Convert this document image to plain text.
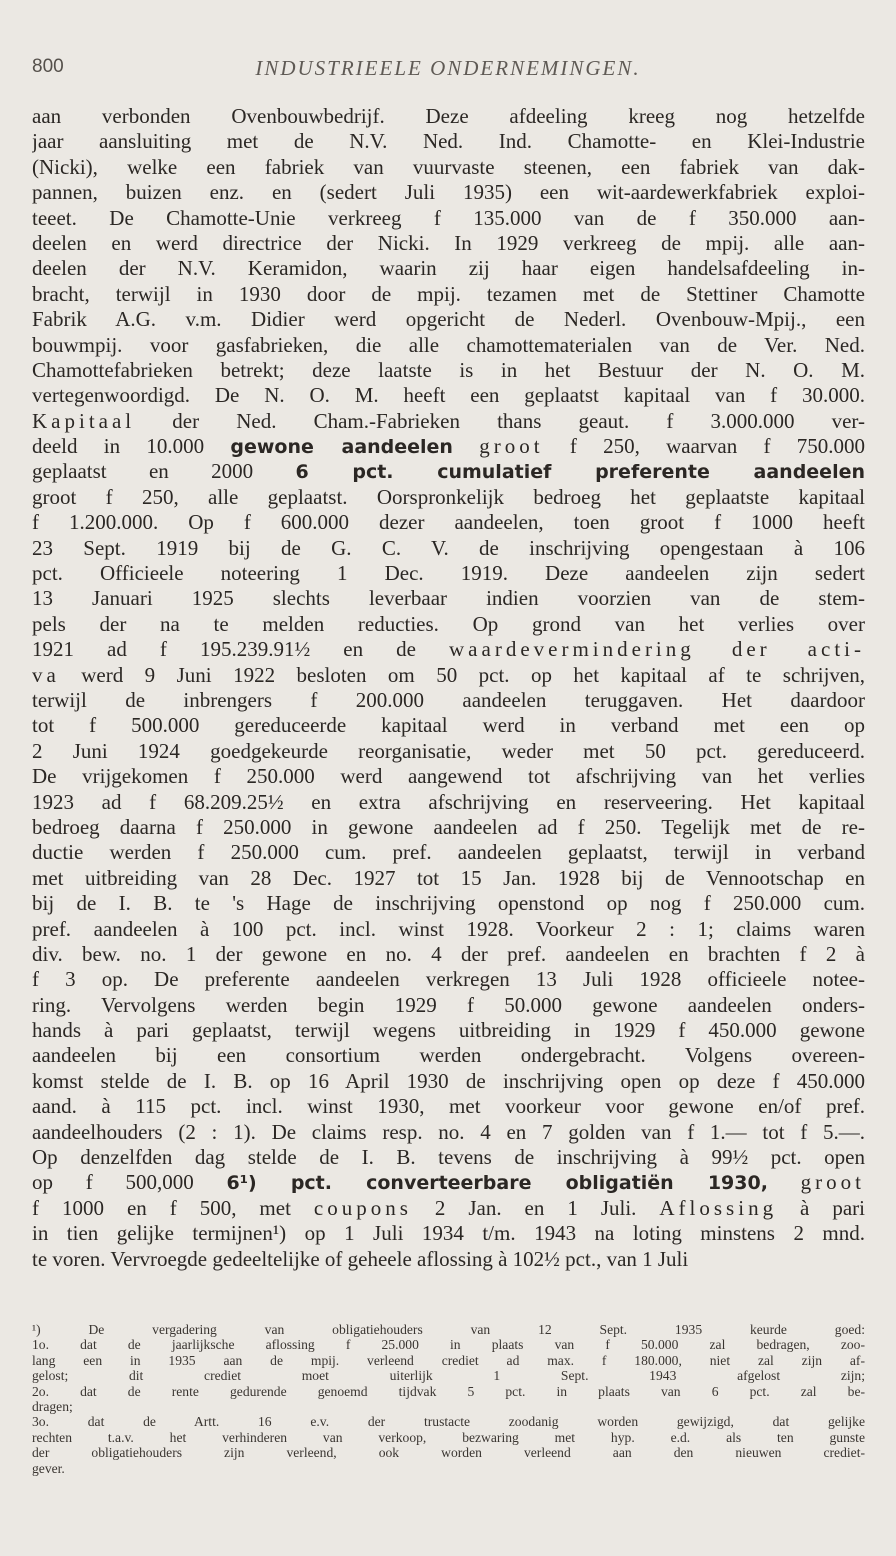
800	INDUSTRIEELE ONDERNEMINGEN.
aan verbonden Ovenbouwbedrijf. Deze afdeeling kreeg nog hetzelfde
jaar aansluiting met de N.V. Ned. Ind. Chamotte- en Klei-Industrie
(Nicki), welke een fabriek van vuurvaste steenen, een fabriek van dak-
pannen, buizen enz. en (sedert Juli 1935) een wit-aardewerkfabriek exploi-
teeet. De Chamotte-Unie verkreeg f 135.000 van de f 350.000 aan-
deelen en werd directrice der Nicki. In 1929 verkreeg de mpij. alle aan-
deelen der N.V. Keramidon, waarin zij haar eigen handelsafdeeling in-
bracht, terwijl in 1930 door de mpij. tezamen met de Stettiner Chamotte
Fabrik A.G. v.m. Didier werd opgericht de Nederl. Ovenbouw-Mpij., een
bouwmpij. voor gasfabrieken, die alle chamottematerialen van de Ver. Ned.
Chamottefabrieken betrekt; deze laatste is in het Bestuur der N. O. M.
vertegenwoordigd. De N. O. M. heeft een geplaatst kapitaal van f 30.000.
Kapitaal der Ned. Cham.-Fabrieken thans geaut. f 3.000.000 ver-
deeld in 10.000 gewone aandeelen groot f 250, waarvan f 750.000
geplaatst en 2000 6 pct. cumulatief preferente aandeelen
groot f 250, alle geplaatst. Oorspronkelijk bedroeg het geplaatste kapitaal
f 1.200.000. Op f 600.000 dezer aandeelen, toen groot f 1000 heeft
23 Sept. 1919 bij de G. C. V. de inschrijving opengestaan à 106
pct. Officieele noteering 1 Dec. 1919. Deze aandeelen zijn sedert
13 Januari 1925 slechts leverbaar indien voorzien van de stem-
pels der na te melden reducties. Op grond van het verlies over
1921 ad f 195.239.91½ en de waardevermindering der acti-
va werd 9 Juni 1922 besloten om 50 pct. op het kapitaal af te schrijven,
terwijl de inbrengers f 200.000 aandeelen teruggaven. Het daardoor
tot f 500.000 gereduceerde kapitaal werd in verband met een op
2 Juni 1924 goedgekeurde reorganisatie, weder met 50 pct. gereduceerd.
De vrijgekomen f 250.000 werd aangewend tot afschrijving van het verlies
1923 ad f 68.209.25½ en extra afschrijving en reserveering. Het kapitaal
bedroeg daarna f 250.000 in gewone aandeelen ad f 250. Tegelijk met de re-
ductie werden f 250.000 cum. pref. aandeelen geplaatst, terwijl in verband
met uitbreiding van 28 Dec. 1927 tot 15 Jan. 1928 bij de Vennootschap en
bij de I. B. te 's Hage de inschrijving openstond op nog f 250.000 cum.
pref. aandeelen à 100 pct. incl. winst 1928. Voorkeur 2 : 1; claims waren
div. bew. no. 1 der gewone en no. 4 der pref. aandeelen en brachten f 2 à
f 3 op. De preferente aandeelen verkregen 13 Juli 1928 officieele notee-
ring. Vervolgens werden begin 1929 f 50.000 gewone aandeelen onders-
hands à pari geplaatst, terwijl wegens uitbreiding in 1929 f 450.000 gewone
aandeelen bij een consortium werden ondergebracht. Volgens overeen-
komst stelde de I. B. op 16 April 1930 de inschrijving open op deze f 450.000
aand. à 115 pct. incl. winst 1930, met voorkeur voor gewone en/of pref.
aandeelhouders (2 : 1). De claims resp. no. 4 en 7 golden van f 1.— tot f 5.—.
Op denzelfden dag stelde de I. B. tevens de inschrijving à 99½ pct. open
op f 500,000 6¹) pct. converteerbare obligatiën 1930, groot
f 1000 en f 500, met coupons 2 Jan. en 1 Juli. Aflossing à pari
in tien gelijke termijnen¹) op 1 Juli 1934 t/m. 1943 na loting minstens 2 mnd.
te voren. Vervroegde gedeeltelijke of geheele aflossing à 102½ pct., van 1 Juli
¹) De vergadering van obligatiehouders van 12 Sept. 1935 keurde goed:
1o. dat de jaarlijksche aflossing f 25.000 in plaats van f 50.000 zal bedragen, zoo-
lang een in 1935 aan de mpij. verleend crediet ad max. f 180.000, niet zal zijn af-
gelost; dit crediet moet uiterlijk 1 Sept. 1943 afgelost zijn;
2o. dat de rente gedurende genoemd tijdvak 5 pct. in plaats van 6 pct. zal be-
dragen;
3o. dat de Artt. 16 e.v. der trustacte zoodanig worden gewijzigd, dat gelijke
rechten t.a.v. het verhinderen van verkoop, bezwaring met hyp. e.d. als ten gunste
der obligatiehouders zijn verleend, ook worden verleend aan den nieuwen crediet-
gever.
